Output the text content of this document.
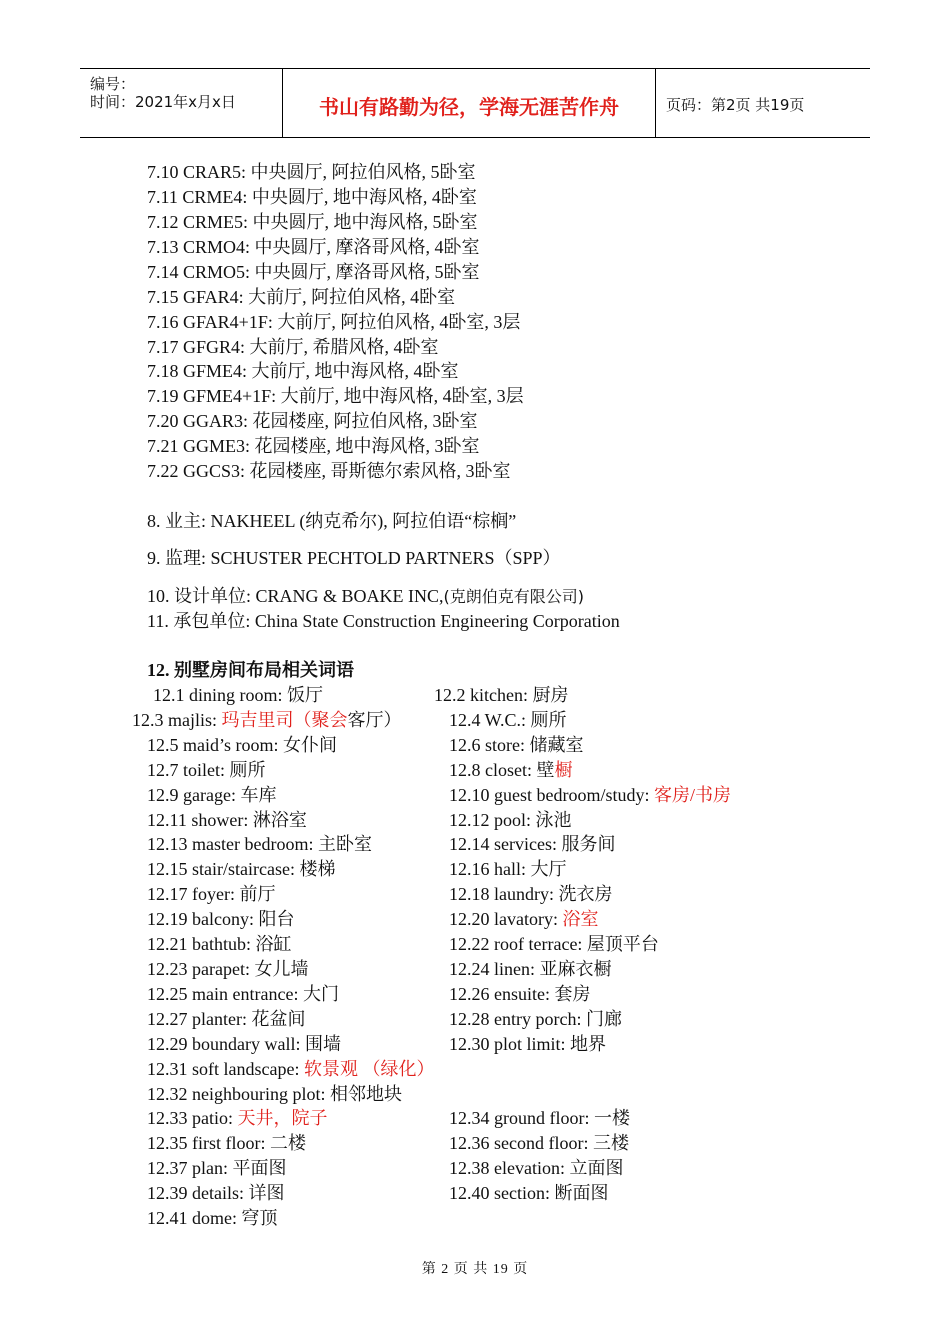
编号：
时间：2021年x月x日	书山有路勤为径，学海无涯苦作舟	页码：第2页 共19页
7.10 CRAR5: 中央圆厅, 阿拉伯风格, 5卧室
7.11 CRME4: 中央圆厅, 地中海风格, 4卧室
7.12 CRME5: 中央圆厅, 地中海风格, 5卧室
7.13 CRMO4: 中央圆厅, 摩洛哥风格, 4卧室
7.14 CRMO5: 中央圆厅, 摩洛哥风格, 5卧室
7.15 GFAR4: 大前厅, 阿拉伯风格, 4卧室
7.16 GFAR4+1F: 大前厅, 阿拉伯风格, 4卧室, 3层
7.17 GFGR4: 大前厅, 希腊风格, 4卧室
7.18 GFME4: 大前厅, 地中海风格, 4卧室
7.19 GFME4+1F: 大前厅, 地中海风格, 4卧室, 3层
7.20 GGAR3: 花园楼座, 阿拉伯风格, 3卧室
7.21 GGME3: 花园楼座, 地中海风格, 3卧室
7.22 GGCS3: 花园楼座, 哥斯德尔索风格, 3卧室
8. 业主: NAKHEEL (纳克希尔), 阿拉伯语“棕榈”
9. 监理: SCHUSTER PECHTOLD PARTNERS（SPP）
10. 设计单位: CRANG & BOAKE INC,(克朗伯克有限公司)
11. 承包单位: China State Construction Engineering Corporation
12. 别墅房间布局相关词语
12.1 dining room: 饭厅	12.2 kitchen: 厨房
12.3 majlis: 玛吉里司（聚会客厅）	12.4 W.C.: 厕所
12.5 maid’s room: 女仆间	12.6 store: 储藏室
12.7 toilet: 厕所	12.8 closet: 壁橱
12.9 garage: 车库	12.10 guest bedroom/study: 客房/书房
12.11 shower: 淋浴室	12.12 pool: 泳池
12.13 master bedroom: 主卧室	12.14 services: 服务间
12.15 stair/staircase: 楼梯	12.16 hall: 大厅
12.17 foyer: 前厅	12.18 laundry: 洗衣房
12.19 balcony: 阳台	12.20 lavatory: 浴室
12.21 bathtub: 浴缸	12.22 roof terrace: 屋顶平台
12.23 parapet: 女儿墙	12.24 linen: 亚麻衣橱
12.25 main entrance: 大门	12.26 ensuite: 套房
12.27 planter: 花盆间	12.28 entry porch: 门廊
12.29 boundary wall: 围墙	12.30 plot limit: 地界
12.31 soft landscape: 软景观 （绿化）
12.32 neighbouring plot: 相邻地块
12.33 patio: 天井，院子	12.34 ground floor: 一楼
12.35 first floor: 二楼	12.36 second floor: 三楼
12.37 plan: 平面图	12.38 elevation: 立面图
12.39 details: 详图	12.40 section: 断面图
12.41 dome: 穹顶
第 2 页 共 19 页
